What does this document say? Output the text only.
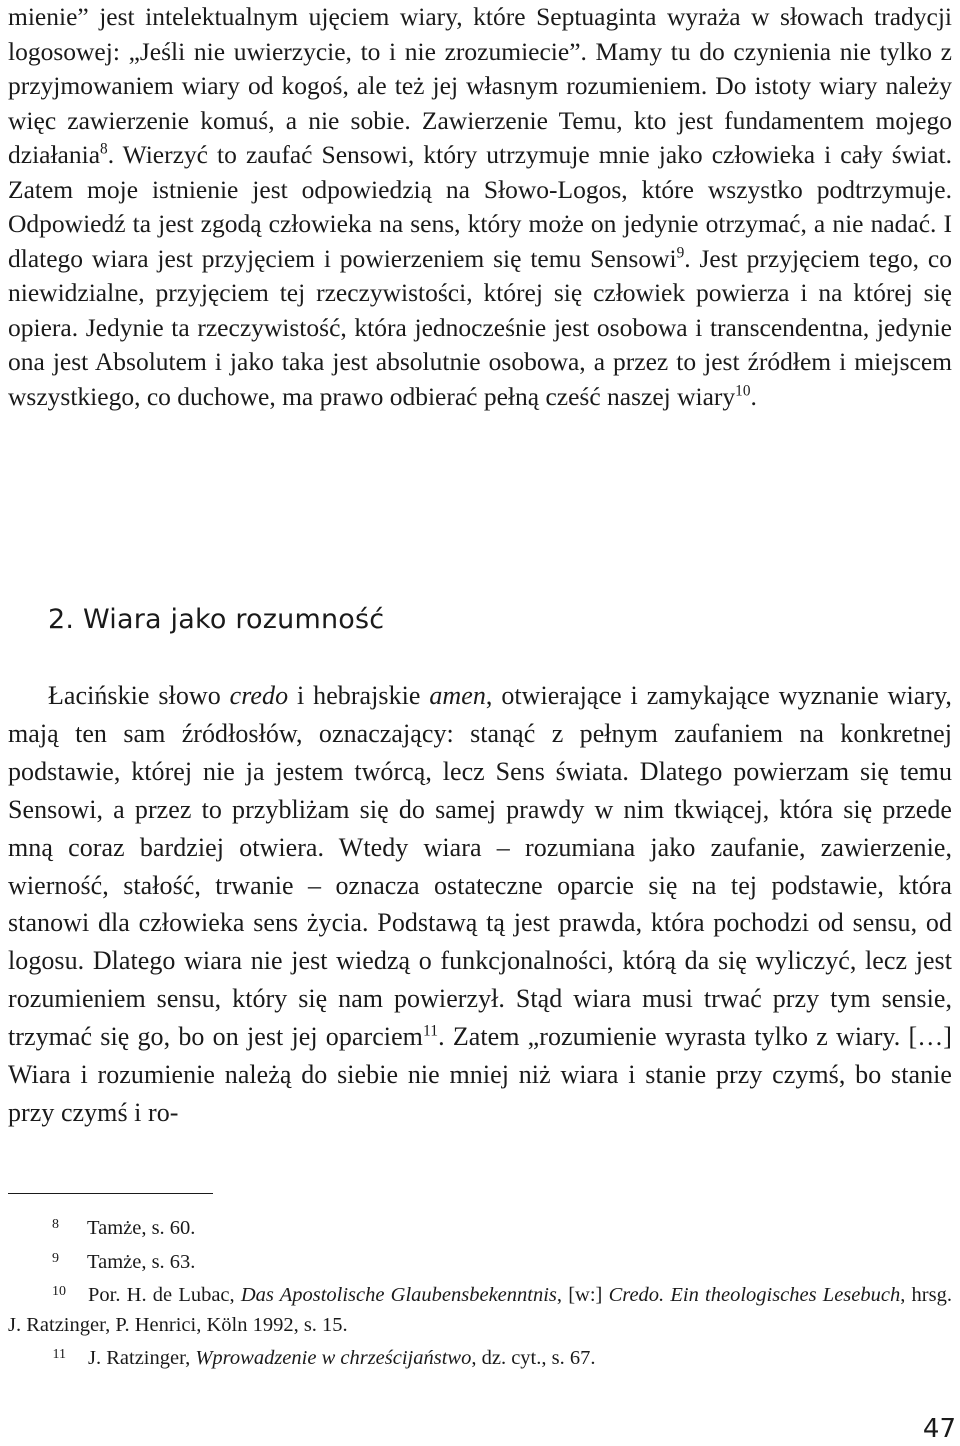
mienie” jest intelektualnym ujęciem wiary, które Septuaginta wyraża w słowach tradycji logosowej: „Jeśli nie uwierzycie, to i nie zrozumiecie”. Mamy tu do czynienia nie tylko z przyjmowaniem wiary od kogoś, ale też jej własnym rozumieniem. Do istoty wiary należy więc zawierzenie komuś, a nie sobie. Zawierzenie Temu, kto jest fundamentem mojego działania$^8$. Wierzyć to zaufać Sensowi, który utrzymuje mnie jako człowieka i cały świat. Zatem moje istnienie jest odpowiedzią na Słowo-Logos, które wszystko podtrzymuje. Odpowiedź ta jest zgodą człowieka na sens, który może on jedynie otrzymać, a nie nadać. I dlatego wiara jest przyjęciem i powierzeniem się temu Sensowi$^9$. Jest przyjęciem tego, co niewidzialne, przyjęciem tej rzeczywistości, której się człowiek powierza i na której się opiera. Jedynie ta rzeczywistość, która jednocześnie jest osobowa i transcendentna, jedynie ona jest Absolutem i jako taka jest absolutnie osobowa, a przez to jest źródłem i miejscem wszystkiego, co duchowe, ma prawo odbierać pełną cześć naszej wiary$^{10}$.

2. Wiara jako rozumność

Łacińskie słowo credo i hebrajskie amen, otwierające i zamykające wyznanie wiary, mają ten sam źródłosłów, oznaczający: stanąć z pełnym zaufaniem na konkretnej podstawie, której nie ja jestem twórcą, lecz Sens świata. Dlatego powierzam się temu Sensowi, a przez to przybliżam się do samej prawdy w nim tkwiącej, która się przede mną coraz bardziej otwiera. Wtedy wiara – rozumiana jako zaufanie, zawierzenie, wierność, stałość, trwanie – oznacza ostateczne oparcie się na tej podstawie, która stanowi dla człowieka sens życia. Podstawą tą jest prawda, która pochodzi od sensu, od logosu. Dlatego wiara nie jest wiedzą o funkcjonalności, którą da się wyliczyć, lecz jest rozumieniem sensu, który się nam powierzył. Stąd wiara musi trwać przy tym sensie, trzymać się go, bo on jest jej oparciem$^{11}$. Zatem „rozumienie wyrasta tylko z wiary. […] Wiara i rozumienie należą do siebie nie mniej niż wiara i stanie przy czymś, bo stanie przy czymś i ro-

8 Tamże, s. 60.

9 Tamże, s. 63.

10 Por. H. de Lubac, Das Apostolische Glaubensbekenntnis, [w:] Credo. Ein theologisches Lesebuch, hrsg. J. Ratzinger, P. Henrici, Köln 1992, s. 15.

11 J. Ratzinger, Wprowadzenie w chrześcijaństwo, dz. cyt., s. 67.

47
